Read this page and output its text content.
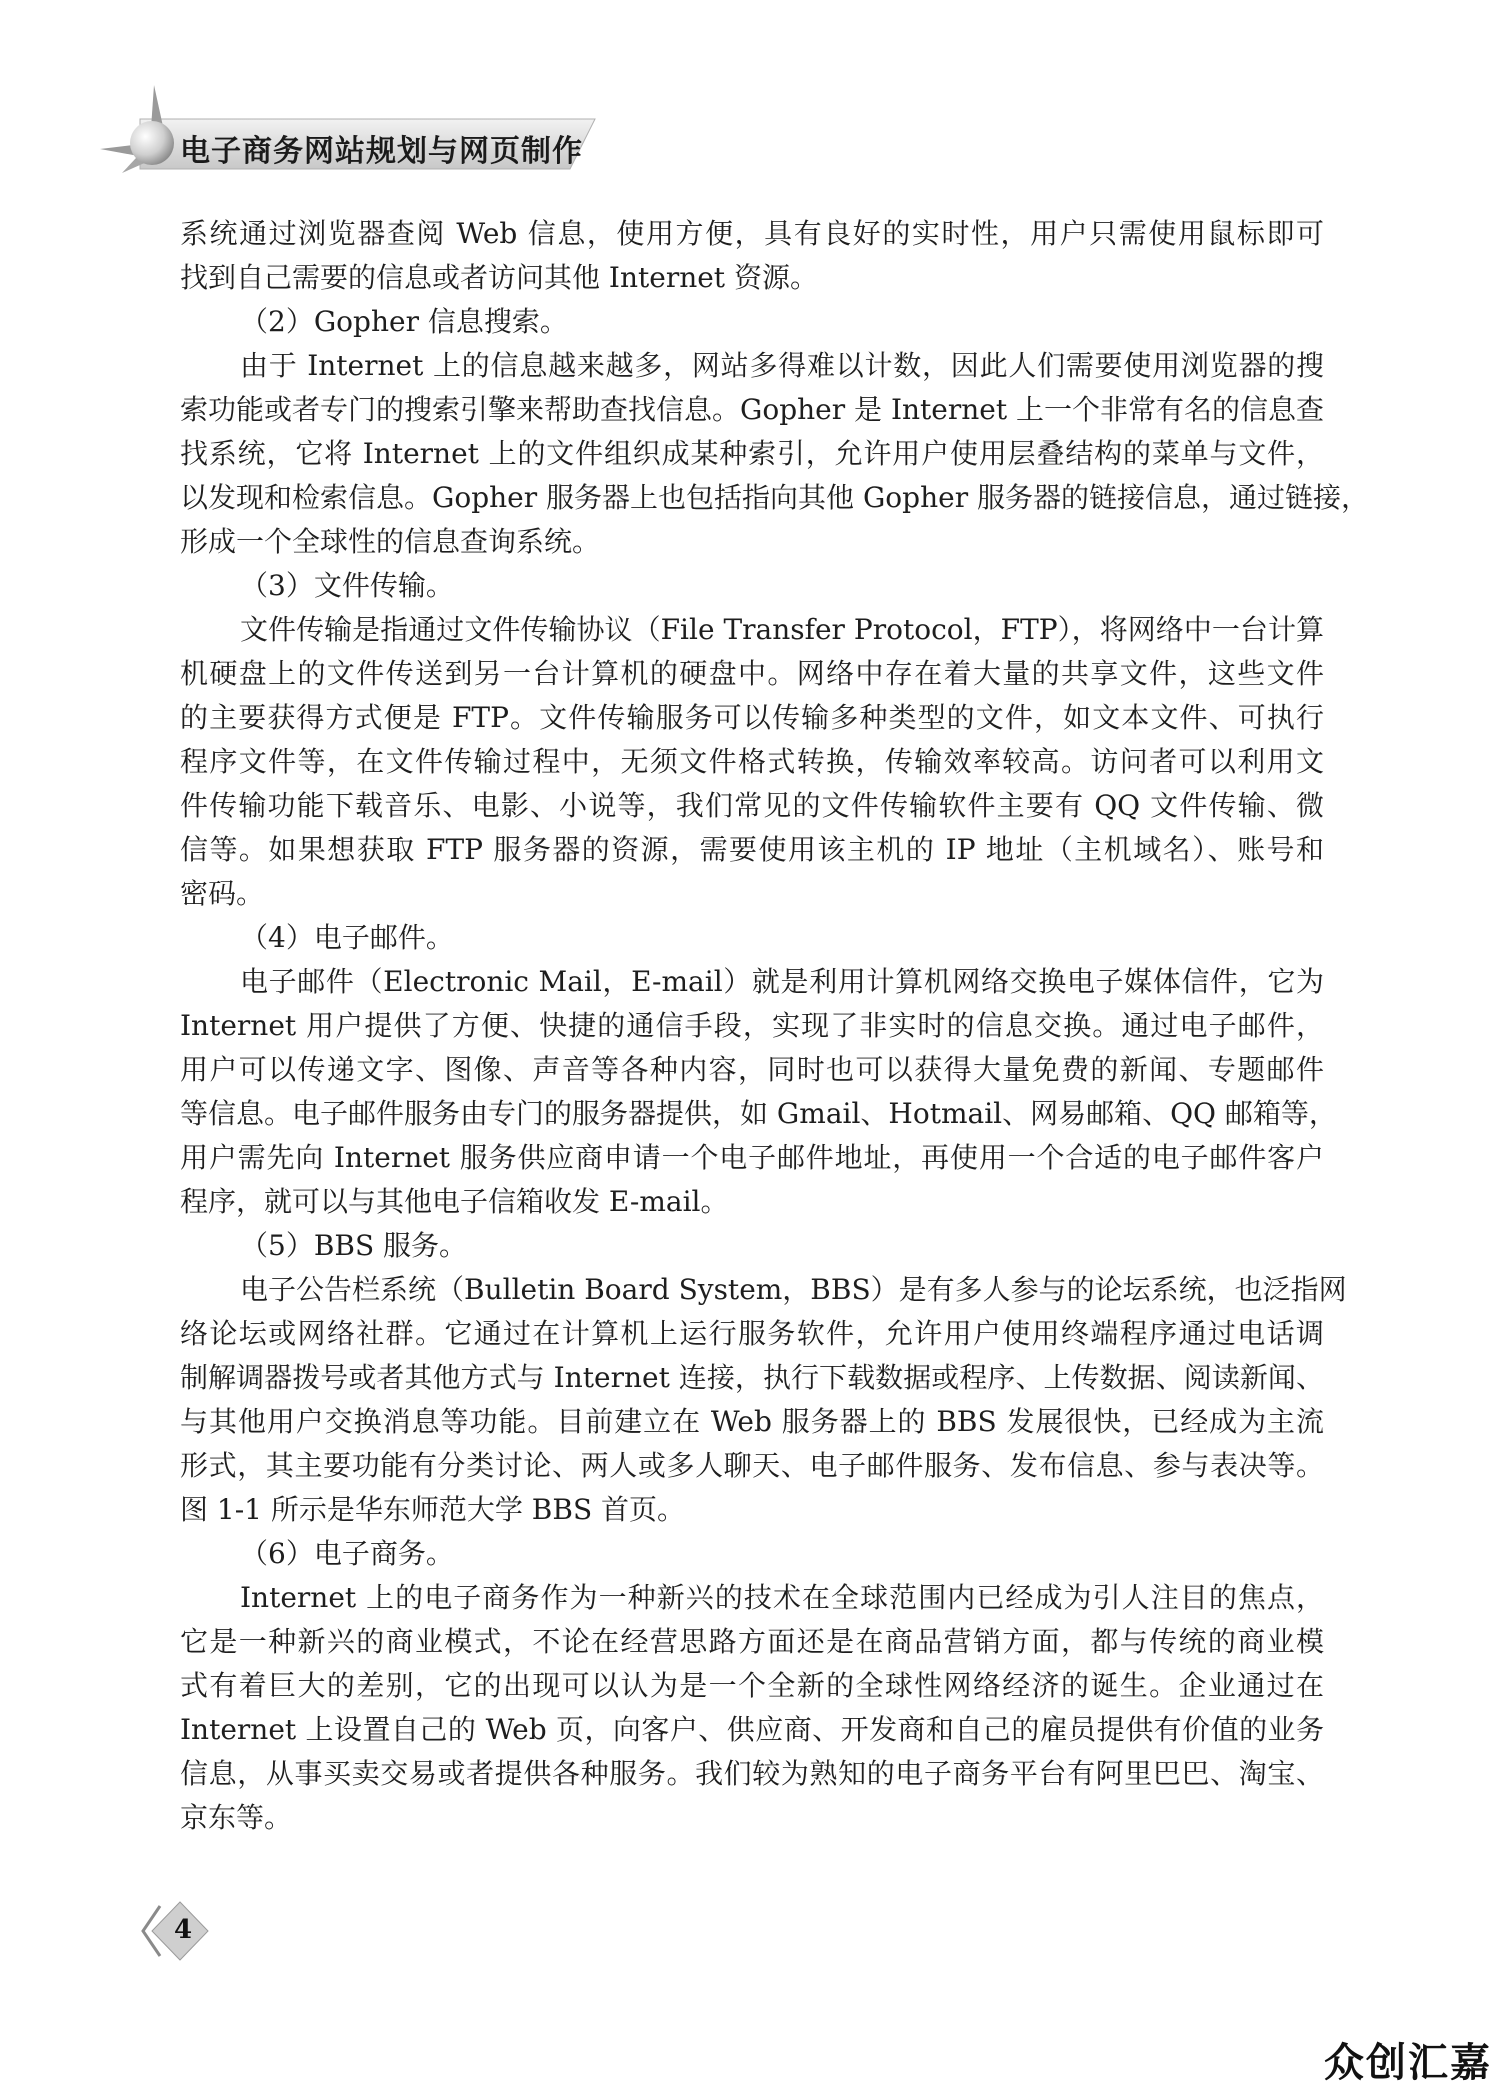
电子商务网站规划与网页制作
系统通过浏览器查阅 Web 信息，使用方便，具有良好的实时性，用户只需使用鼠标即可
找到自己需要的信息或者访问其他 Internet 资源。
（2）Gopher 信息搜索。
由于 Internet 上的信息越来越多，网站多得难以计数，因此人们需要使用浏览器的搜
索功能或者专门的搜索引擎来帮助查找信息。Gopher 是 Internet 上一个非常有名的信息查
找系统，它将 Internet 上的文件组织成某种索引，允许用户使用层叠结构的菜单与文件，
以发现和检索信息。Gopher 服务器上也包括指向其他 Gopher 服务器的链接信息，通过链接，
形成一个全球性的信息查询系统。
（3）文件传输。
文件传输是指通过文件传输协议（File Transfer Protocol，FTP），将网络中一台计算
机硬盘上的文件传送到另一台计算机的硬盘中。网络中存在着大量的共享文件，这些文件
的主要获得方式便是 FTP。文件传输服务可以传输多种类型的文件，如文本文件、可执行
程序文件等，在文件传输过程中，无须文件格式转换，传输效率较高。访问者可以利用文
件传输功能下载音乐、电影、小说等，我们常见的文件传输软件主要有 QQ 文件传输、微
信等。如果想获取 FTP 服务器的资源，需要使用该主机的 IP 地址（主机域名）、账号和
密码。
（4）电子邮件。
电子邮件（Electronic Mail，E-mail）就是利用计算机网络交换电子媒体信件，它为
Internet 用户提供了方便、快捷的通信手段，实现了非实时的信息交换。通过电子邮件，
用户可以传递文字、图像、声音等各种内容，同时也可以获得大量免费的新闻、专题邮件
等信息。电子邮件服务由专门的服务器提供，如 Gmail、Hotmail、网易邮箱、QQ 邮箱等，
用户需先向 Internet 服务供应商申请一个电子邮件地址，再使用一个合适的电子邮件客户
程序，就可以与其他电子信箱收发 E-mail。
（5）BBS 服务。
电子公告栏系统（Bulletin Board System，BBS）是有多人参与的论坛系统，也泛指网
络论坛或网络社群。它通过在计算机上运行服务软件，允许用户使用终端程序通过电话调
制解调器拨号或者其他方式与 Internet 连接，执行下载数据或程序、上传数据、阅读新闻、
与其他用户交换消息等功能。目前建立在 Web 服务器上的 BBS 发展很快，已经成为主流
形式，其主要功能有分类讨论、两人或多人聊天、电子邮件服务、发布信息、参与表决等。
图 1-1 所示是华东师范大学 BBS 首页。
（6）电子商务。
Internet 上的电子商务作为一种新兴的技术在全球范围内已经成为引人注目的焦点，
它是一种新兴的商业模式，不论在经营思路方面还是在商品营销方面，都与传统的商业模
式有着巨大的差别，它的出现可以认为是一个全新的全球性网络经济的诞生。企业通过在
Internet 上设置自己的 Web 页，向客户、供应商、开发商和自己的雇员提供有价值的业务
信息，从事买卖交易或者提供各种服务。我们较为熟知的电子商务平台有阿里巴巴、淘宝、
京东等。
4
众创汇嘉
